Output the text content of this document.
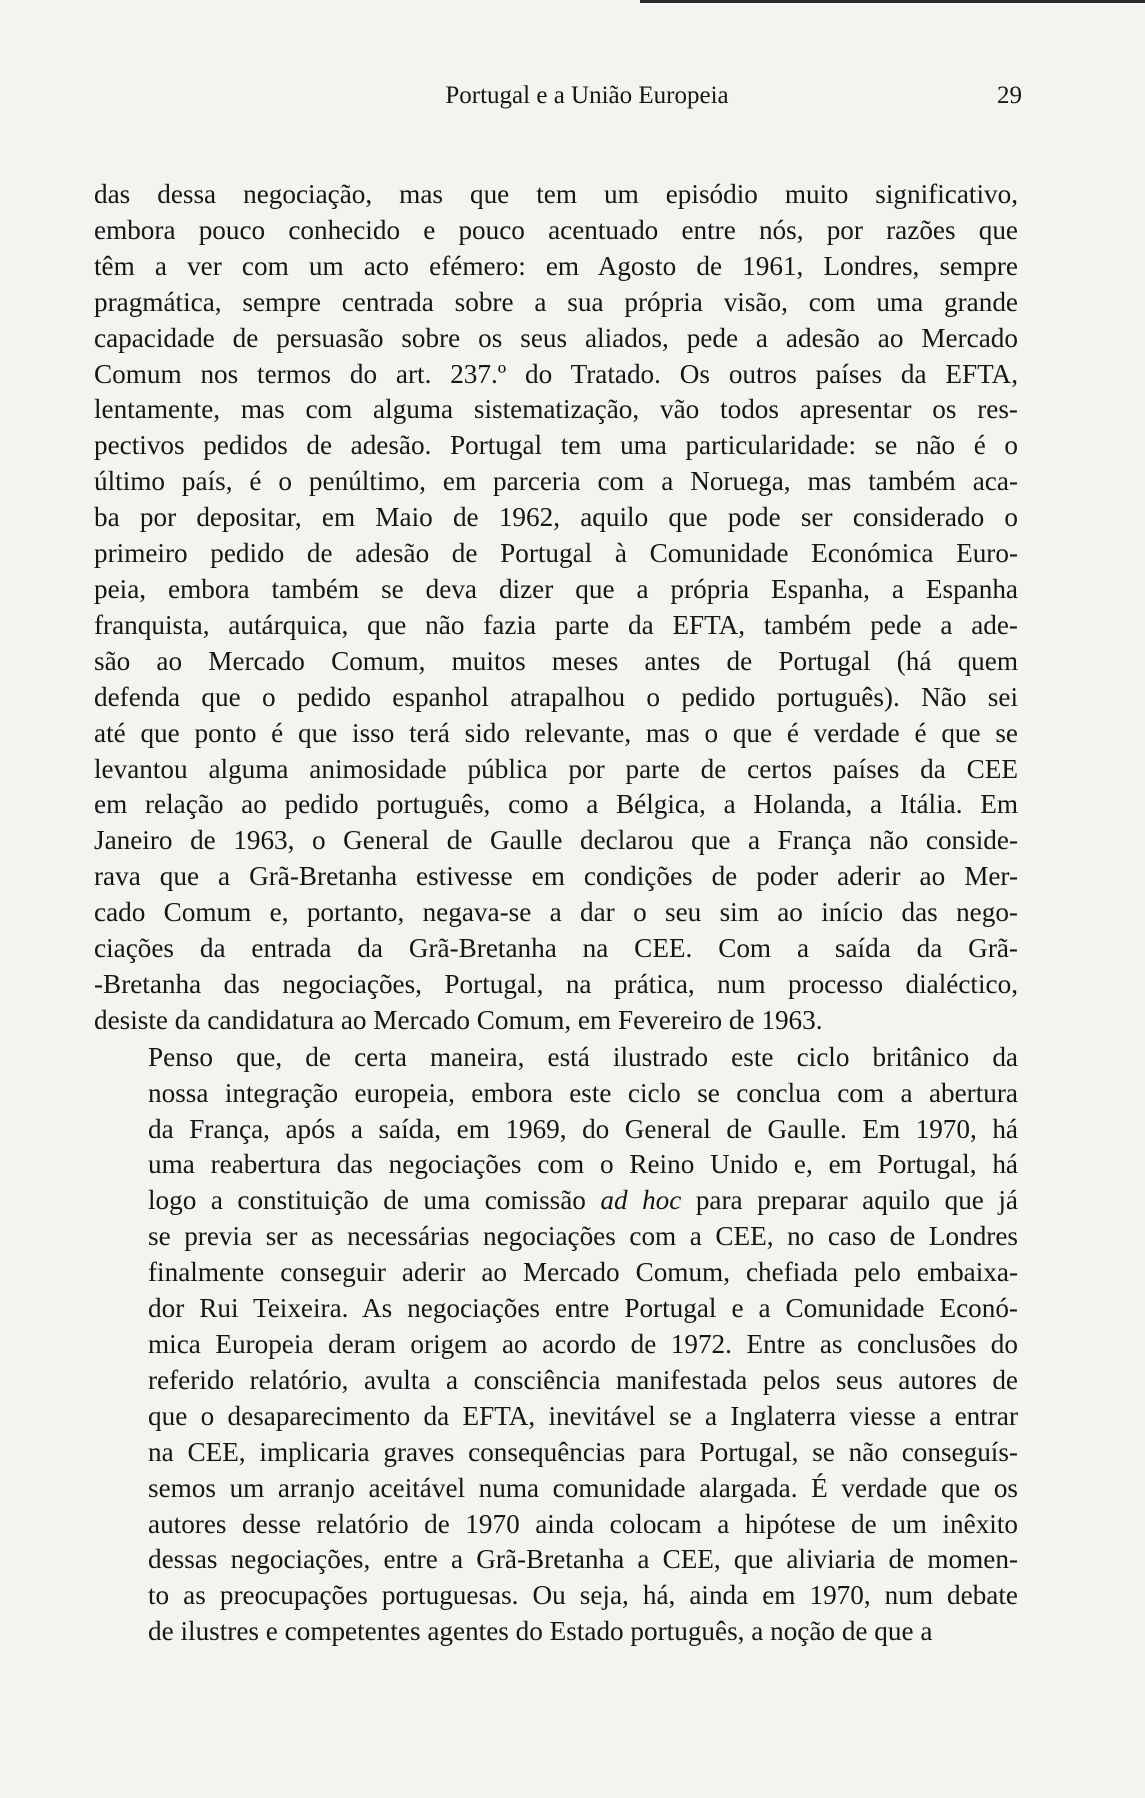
Portugal e a União Europeia	29

das dessa negociação, mas que tem um episódio muito significativo,
embora pouco conhecido e pouco acentuado entre nós, por razões que
têm a ver com um acto efémero: em Agosto de 1961, Londres, sempre
pragmática, sempre centrada sobre a sua própria visão, com uma grande
capacidade de persuasão sobre os seus aliados, pede a adesão ao Mercado
Comum nos termos do art. 237.º do Tratado. Os outros países da EFTA,
lentamente, mas com alguma sistematização, vão todos apresentar os res-
pectivos pedidos de adesão. Portugal tem uma particularidade: se não é o
último país, é o penúltimo, em parceria com a Noruega, mas também aca-
ba por depositar, em Maio de 1962, aquilo que pode ser considerado o
primeiro pedido de adesão de Portugal à Comunidade Económica Euro-
peia, embora também se deva dizer que a própria Espanha, a Espanha
franquista, autárquica, que não fazia parte da EFTA, também pede a ade-
são ao Mercado Comum, muitos meses antes de Portugal (há quem
defenda que o pedido espanhol atrapalhou o pedido português). Não sei
até que ponto é que isso terá sido relevante, mas o que é verdade é que se
levantou alguma animosidade pública por parte de certos países da CEE
em relação ao pedido português, como a Bélgica, a Holanda, a Itália. Em
Janeiro de 1963, o General de Gaulle declarou que a França não conside-
rava que a Grã-Bretanha estivesse em condições de poder aderir ao Mer-
cado Comum e, portanto, negava-se a dar o seu sim ao início das nego-
ciações da entrada da Grã-Bretanha na CEE. Com a saída da Grã-
-Bretanha das negociações, Portugal, na prática, num processo dialéctico,
desiste da candidatura ao Mercado Comum, em Fevereiro de 1963.

Penso que, de certa maneira, está ilustrado este ciclo britânico da
nossa integração europeia, embora este ciclo se conclua com a abertura
da França, após a saída, em 1969, do General de Gaulle. Em 1970, há
uma reabertura das negociações com o Reino Unido e, em Portugal, há
logo a constituição de uma comissão ad hoc para preparar aquilo que já
se previa ser as necessárias negociações com a CEE, no caso de Londres
finalmente conseguir aderir ao Mercado Comum, chefiada pelo embaixa-
dor Rui Teixeira. As negociações entre Portugal e a Comunidade Econó-
mica Europeia deram origem ao acordo de 1972. Entre as conclusões do
referido relatório, avulta a consciência manifestada pelos seus autores de
que o desaparecimento da EFTA, inevitável se a Inglaterra viesse a entrar
na CEE, implicaria graves consequências para Portugal, se não conseguís-
semos um arranjo aceitável numa comunidade alargada. É verdade que os
autores desse relatório de 1970 ainda colocam a hipótese de um inêxito
dessas negociações, entre a Grã-Bretanha a CEE, que aliviaria de momen-
to as preocupações portuguesas. Ou seja, há, ainda em 1970, num debate
de ilustres e competentes agentes do Estado português, a noção de que a
